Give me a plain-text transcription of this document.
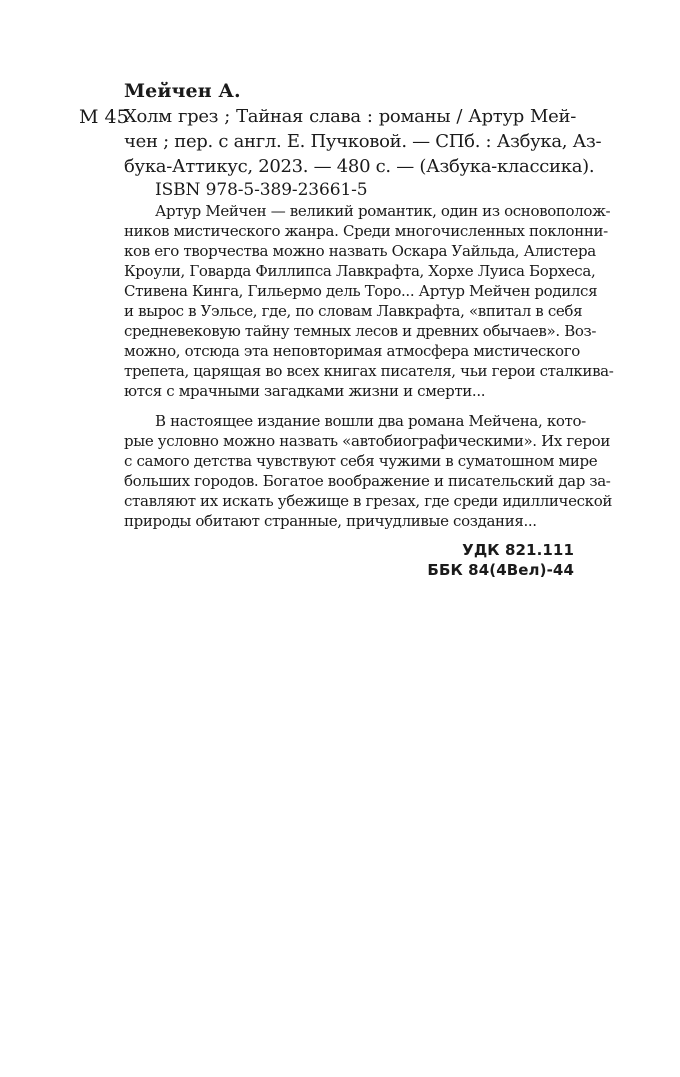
Мейчен А.
М 45
Холм грез ; Тайная слава : романы / Артур Мей-
чен ; пер. с англ. Е. Пучковой. — СПб. : Азбука, Аз-
бука-Аттикус, 2023. — 480 с. — (Азбука-классика).
ISBN 978-5-389-23661-5
Артур Мейчен — великий романтик, один из основополож-
ников мистического жанра. Среди многочисленных поклонни-
ков его творчества можно назвать Оскара Уайльда, Алистера
Кроули, Говарда Филлипса Лавкрафта, Хорхе Луиса Борхеса,
Стивена Кинга, Гильермо дель Торо... Артур Мейчен родился
и вырос в Уэльсе, где, по словам Лавкрафта, «впитал в себя
средневековую тайну темных лесов и древних обычаев». Воз-
можно, отсюда эта неповторимая атмосфера мистического
трепета, царящая во всех книгах писателя, чьи герои сталкива-
ются с мрачными загадками жизни и смерти...
В настоящее издание вошли два романа Мейчена, кото-
рые условно можно назвать «автобиографическими». Их герои
с самого детства чувствуют себя чужими в суматошном мире
больших городов. Богатое воображение и писательский дар за-
ставляют их искать убежище в грезах, где среди идиллической
природы обитают странные, причудливые создания...
УДК 821.111
ББК 84(4Вел)-44
